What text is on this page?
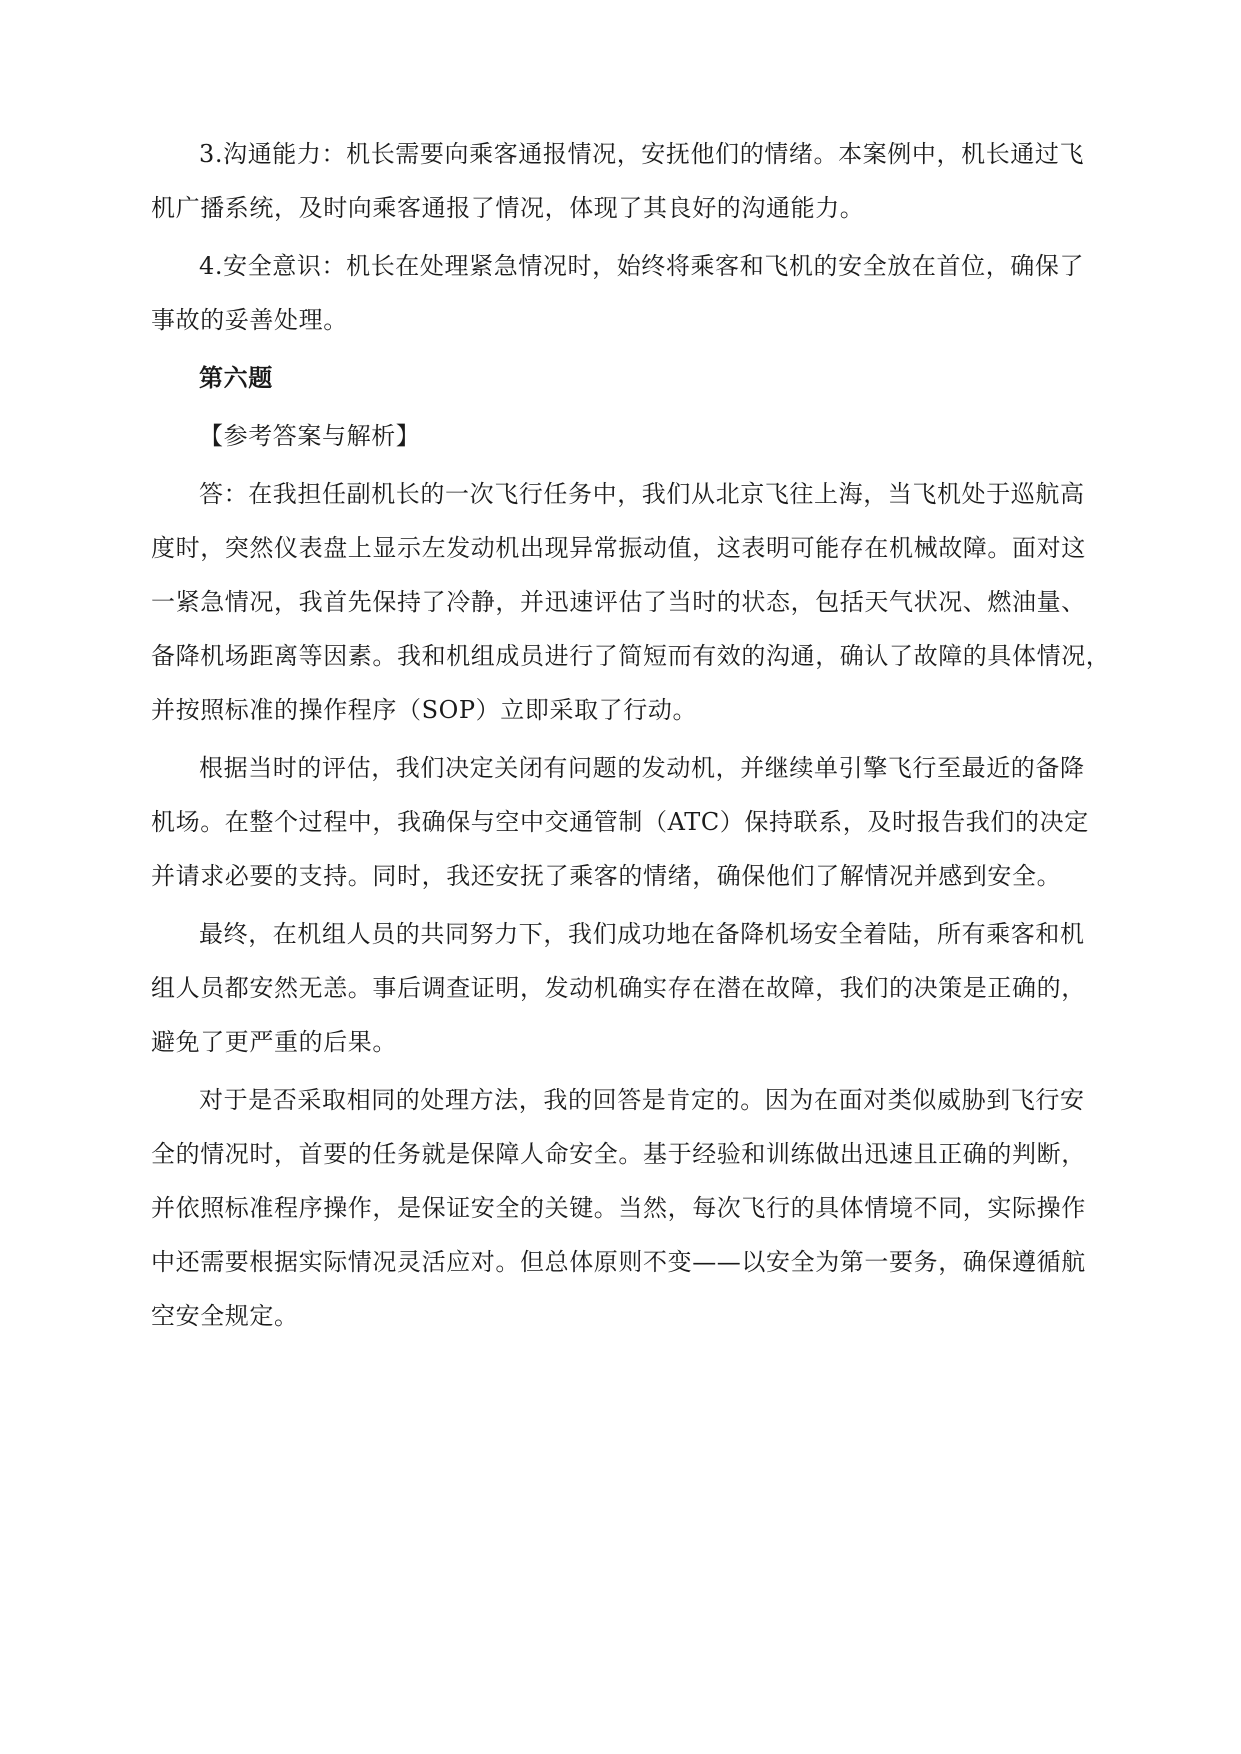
3.沟通能力：机长需要向乘客通报情况，安抚他们的情绪。本案例中，机长通过飞
机广播系统，及时向乘客通报了情况，体现了其良好的沟通能力。
4.安全意识：机长在处理紧急情况时，始终将乘客和飞机的安全放在首位，确保了
事故的妥善处理。
第六题
【参考答案与解析】
答：在我担任副机长的一次飞行任务中，我们从北京飞往上海，当飞机处于巡航高
度时，突然仪表盘上显示左发动机出现异常振动值，这表明可能存在机械故障。面对这
一紧急情况，我首先保持了冷静，并迅速评估了当时的状态，包括天气状况、燃油量、
备降机场距离等因素。我和机组成员进行了简短而有效的沟通，确认了故障的具体情况，
并按照标准的操作程序（SOP）立即采取了行动。
根据当时的评估，我们决定关闭有问题的发动机，并继续单引擎飞行至最近的备降
机场。在整个过程中，我确保与空中交通管制（ATC）保持联系，及时报告我们的决定
并请求必要的支持。同时，我还安抚了乘客的情绪，确保他们了解情况并感到安全。
最终，在机组人员的共同努力下，我们成功地在备降机场安全着陆，所有乘客和机
组人员都安然无恙。事后调查证明，发动机确实存在潜在故障，我们的决策是正确的，
避免了更严重的后果。
对于是否采取相同的处理方法，我的回答是肯定的。因为在面对类似威胁到飞行安
全的情况时，首要的任务就是保障人命安全。基于经验和训练做出迅速且正确的判断，
并依照标准程序操作，是保证安全的关键。当然，每次飞行的具体情境不同，实际操作
中还需要根据实际情况灵活应对。但总体原则不变——以安全为第一要务，确保遵循航
空安全规定。
